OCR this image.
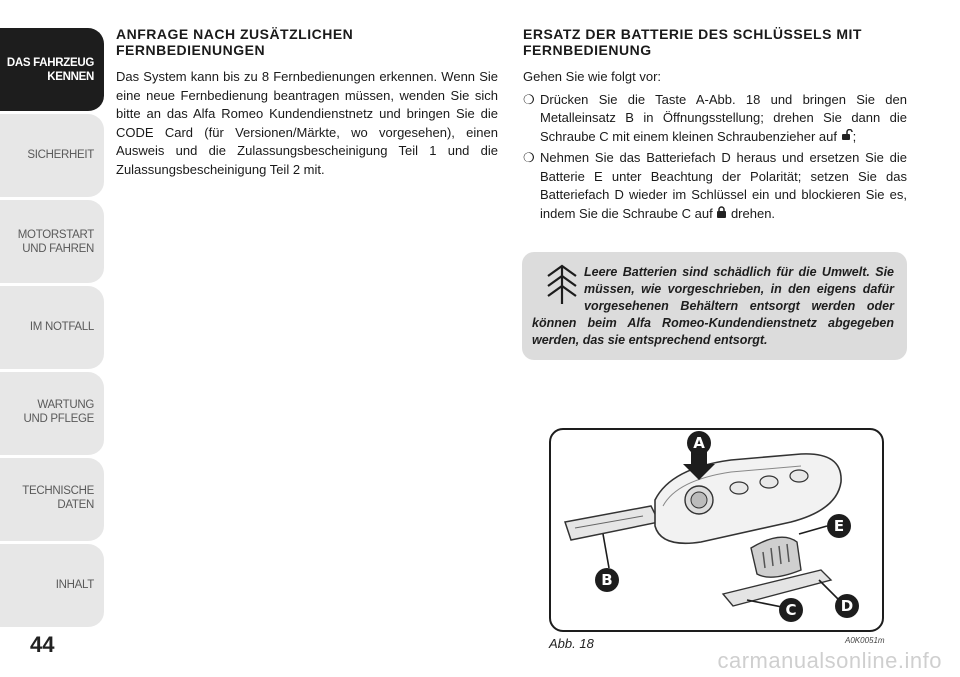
DAS FAHRZEUG
KENNEN
SICHERHEIT
MOTORSTART
UND FAHREN
IM NOTFALL
WARTUNG
UND PFLEGE
TECHNISCHE
DATEN
INHALT
44
ANFRAGE NACH ZUSÄTZLICHEN FERNBEDIENUNGEN

Das System kann bis zu 8 Fernbedienungen erkennen. Wenn Sie eine neue Fernbedienung beantragen müssen, wenden Sie sich bitte an das Alfa Romeo Kundendienstnetz und bringen Sie die CODE Card (für Versionen/Märkte, wo vorgesehen), einen Ausweis und die Zulassungsbescheinigung Teil 1 und die Zulassungsbescheinigung Teil 2 mit.

ERSATZ DER BATTERIE DES SCHLÜSSELS MIT FERNBEDIENUNG

Gehen Sie wie folgt vor:

❍ Drücken Sie die Taste A-Abb. 18 und bringen Sie den Metalleinsatz B in Öffnungsstellung; drehen Sie dann die Schraube C mit einem kleinen Schraubenzieher auf ;
❍ Nehmen Sie das Batteriefach D heraus und ersetzen Sie die Batterie E unter Beachtung der Polarität; setzen Sie das Batteriefach D wieder im Schlüssel ein und blockieren Sie es, indem Sie die Schraube C auf  drehen.
Leere Batterien sind schädlich für die Umwelt. Sie müssen, wie vorgeschrieben, in den eigens dafür vorgesehenen Behältern entsorgt werden oder können beim Alfa Romeo-Kundendienstnetz abgegeben werden, das sie entsprechend entsorgt.
A
B
C	D
E
Abb. 18	A0K0051m
carmanualsonline.info
